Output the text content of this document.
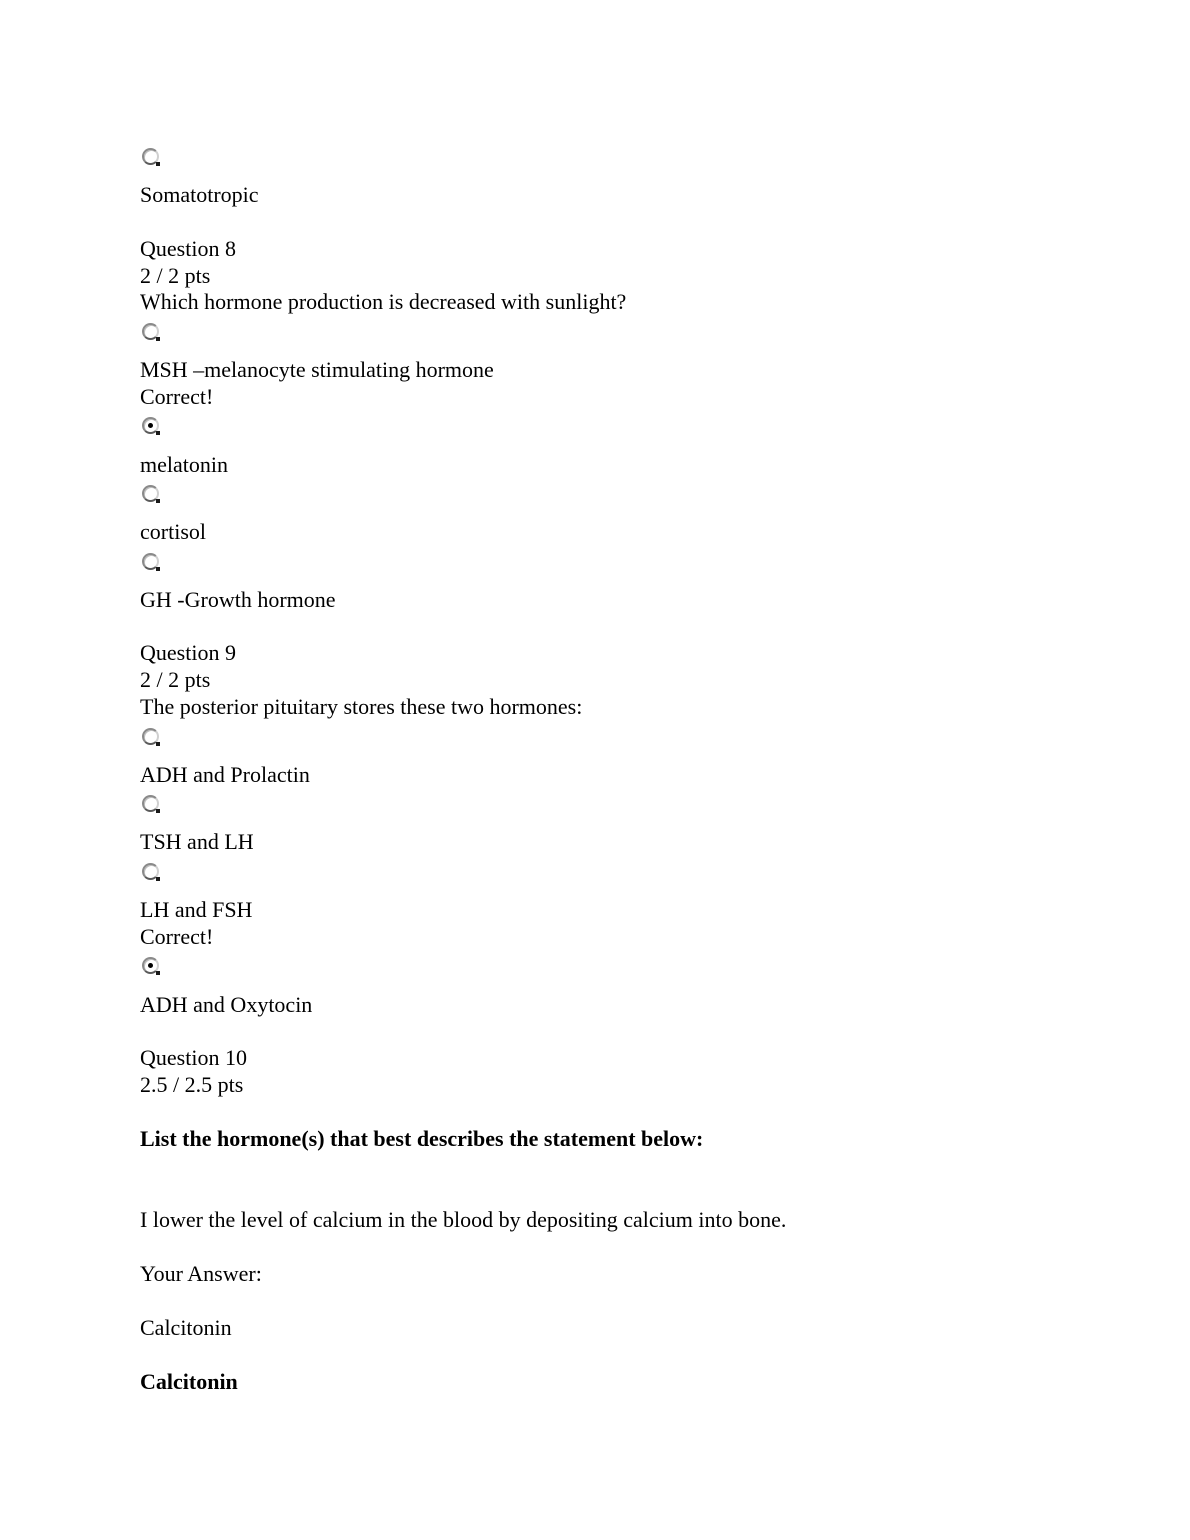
Somatotropic
Question 8
2 / 2 pts
Which hormone production is decreased with sunlight?
MSH –melanocyte stimulating hormone
Correct!
melatonin
cortisol
GH -Growth hormone
Question 9
2 / 2 pts
The posterior pituitary stores these two hormones:
ADH and Prolactin
TSH and LH
LH and FSH
Correct!
ADH and Oxytocin
Question 10
2.5 / 2.5 pts
List the hormone(s) that best describes the statement below:
I lower the level of calcium in the blood by depositing calcium into bone.
Your Answer:
Calcitonin
Calcitonin
